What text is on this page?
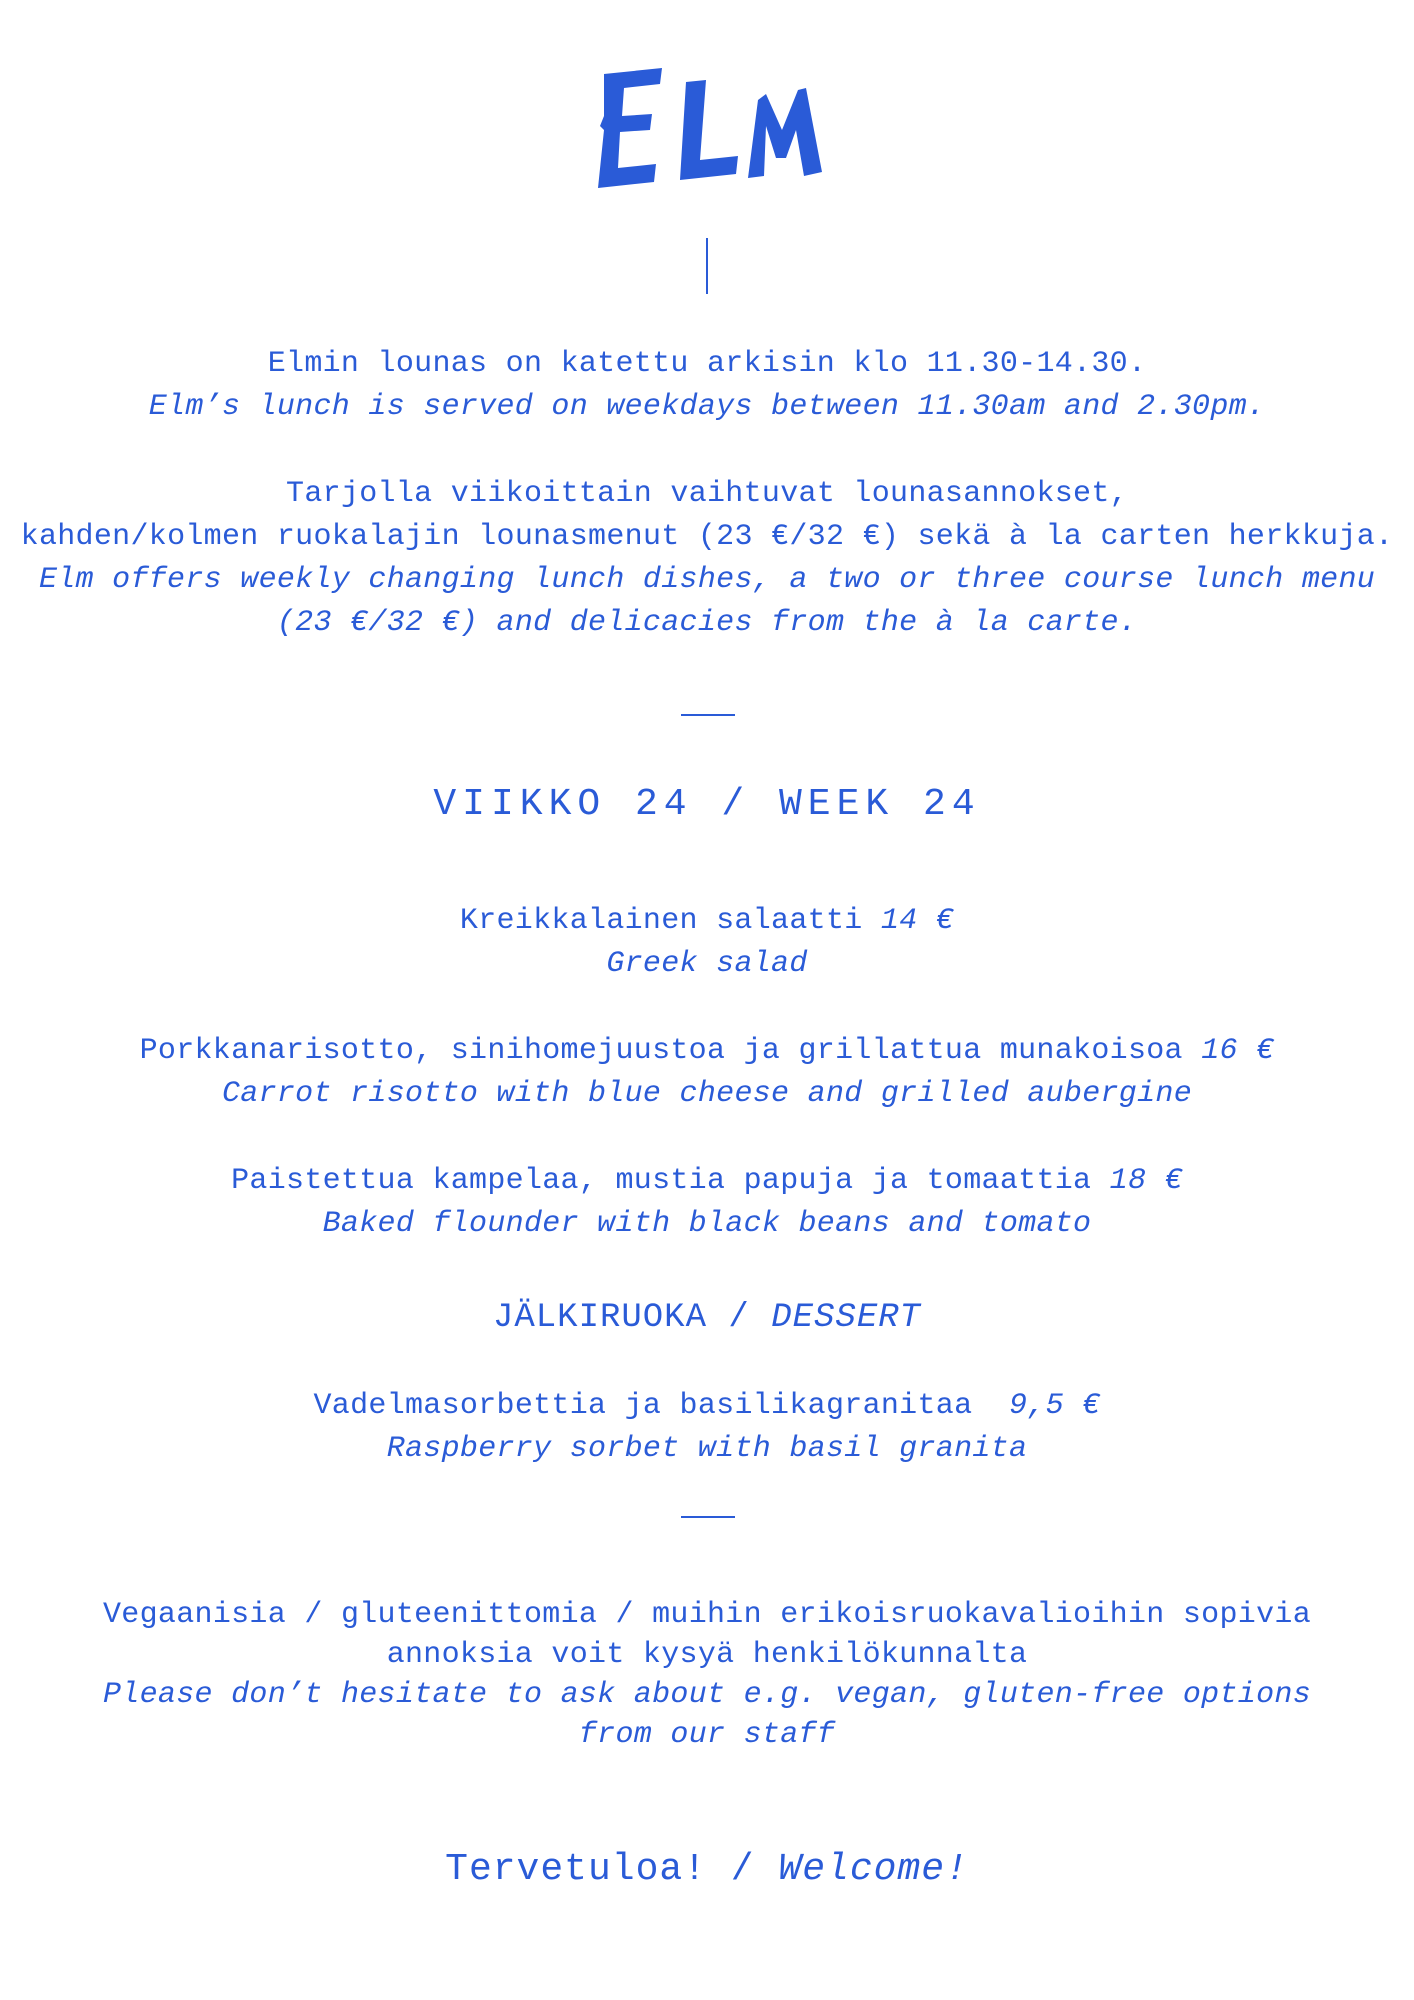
Elmin lounas on katettu arkisin klo 11.30-14.30.
Elm’s lunch is served on weekdays between 11.30am and 2.30pm.
Tarjolla viikoittain vaihtuvat lounasannokset,
kahden/kolmen ruokalajin lounasmenut (23 €/32 €) sekä à la carten herkkuja.
Elm offers weekly changing lunch dishes, a two or three course lunch menu
(23 €/32 €) and delicacies from the à la carte.
VIIKKO 24 / WEEK 24
Kreikkalainen salaatti 14 €
Greek salad
Porkkanarisotto, sinihomejuustoa ja grillattua munakoisoa 16 €
Carrot risotto with blue cheese and grilled aubergine
Paistettua kampelaa, mustia papuja ja tomaattia 18 €
Baked flounder with black beans and tomato
JÄLKIRUOKA / DESSERT
Vadelmasorbettia ja basilikagranitaa 9,5 €
Raspberry sorbet with basil granita
Vegaanisia / gluteenittomia / muihin erikoisruokavalioihin sopivia
annoksia voit kysyä henkilökunnalta
Please don’t hesitate to ask about e.g. vegan, gluten-free options
from our staff
Tervetuloa! / Welcome!
